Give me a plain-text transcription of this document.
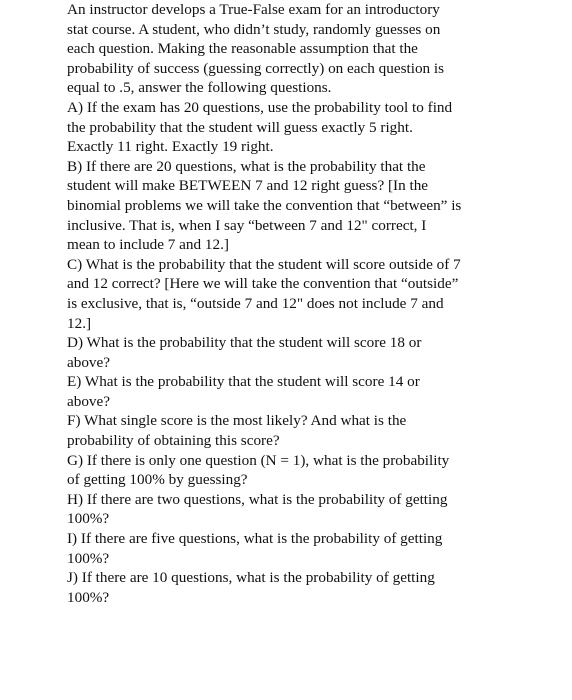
An instructor develops a True-False exam for an introductory
stat course. A student, who didn’t study, randomly guesses on
each question. Making the reasonable assumption that the
probability of success (guessing correctly) on each question is
equal to .5, answer the following questions.
A) If the exam has 20 questions, use the probability tool to find
the probability that the student will guess exactly 5 right.
Exactly 11 right. Exactly 19 right.
B) If there are 20 questions, what is the probability that the
student will make BETWEEN 7 and 12 right guess? [In the
binomial problems we will take the convention that “between” is
inclusive. That is, when I say “between 7 and 12" correct, I
mean to include 7 and 12.]
C) What is the probability that the student will score outside of 7
and 12 correct? [Here we will take the convention that “outside”
is exclusive, that is, “outside 7 and 12" does not include 7 and
12.]
D) What is the probability that the student will score 18 or
above?
E) What is the probability that the student will score 14 or
above?
F) What single score is the most likely? And what is the
probability of obtaining this score?
G) If there is only one question (N = 1), what is the probability
of getting 100% by guessing?
H) If there are two questions, what is the probability of getting
100%?
I) If there are five questions, what is the probability of getting
100%?
J) If there are 10 questions, what is the probability of getting
100%?
